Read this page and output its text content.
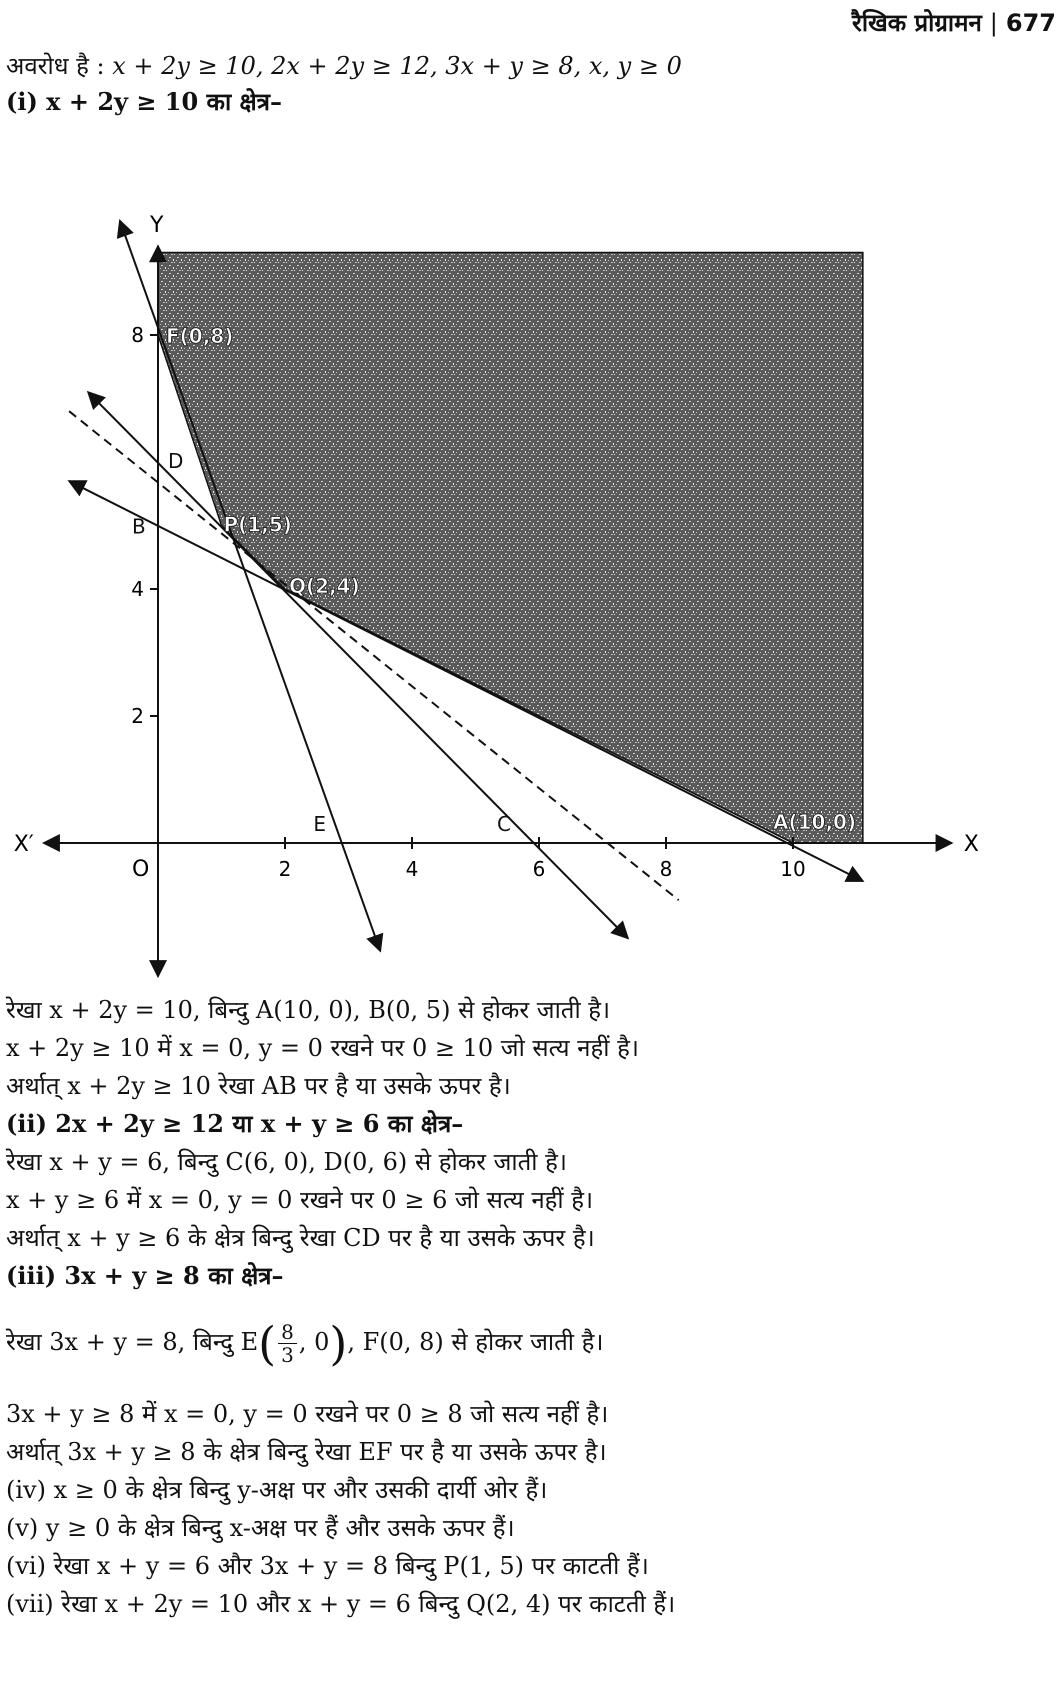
रैखिक प्रोग्रामन | 677
अवरोध है : x + 2y ≥ 10, 2x + 2y ≥ 12, 3x + y ≥ 8, x, y ≥ 0
(i) x + 2y ≥ 10 का क्षेत्र–
2	4	6	8	10
2
4
8
X
X′
Y
O
F(0,8)
D
P(1,5)
B
Q(2,4)
E	C	A(10,0)
रेखा x + 2y = 10, बिन्दु A(10, 0), B(0, 5) से होकर जाती है।
x + 2y ≥ 10 में x = 0, y = 0 रखने पर 0 ≥ 10 जो सत्य नहीं है।
अर्थात् x + 2y ≥ 10 रेखा AB पर है या उसके ऊपर है।
(ii) 2x + 2y ≥ 12 या x + y ≥ 6 का क्षेत्र–
रेखा x + y = 6, बिन्दु C(6, 0), D(0, 6) से होकर जाती है।
x + y ≥ 6 में x = 0, y = 0 रखने पर 0 ≥ 6 जो सत्य नहीं है।
अर्थात् x + y ≥ 6 के क्षेत्र बिन्दु रेखा CD पर है या उसके ऊपर है।
(iii) 3x + y ≥ 8 का क्षेत्र–
रेखा 3x + y = 8, बिन्दु $E( \frac{8}{3}$ , 0), F(0, 8) से होकर जाती है।
3x + y ≥ 8 में x = 0, y = 0 रखने पर 0 ≥ 8 जो सत्य नहीं है।
अर्थात् 3x + y ≥ 8 के क्षेत्र बिन्दु रेखा EF पर है या उसके ऊपर है।
(iv) x ≥ 0 के क्षेत्र बिन्दु y-अक्ष पर और उसकी दार्यी ओर हैं।
(v) y ≥ 0 के क्षेत्र बिन्दु x-अक्ष पर हैं और उसके ऊपर हैं।
(vi) रेखा x + y = 6 और 3x + y = 8 बिन्दु P(1, 5) पर काटती हैं।
(vii) रेखा x + 2y = 10 और x + y = 6 बिन्दु Q(2, 4) पर काटती हैं।
